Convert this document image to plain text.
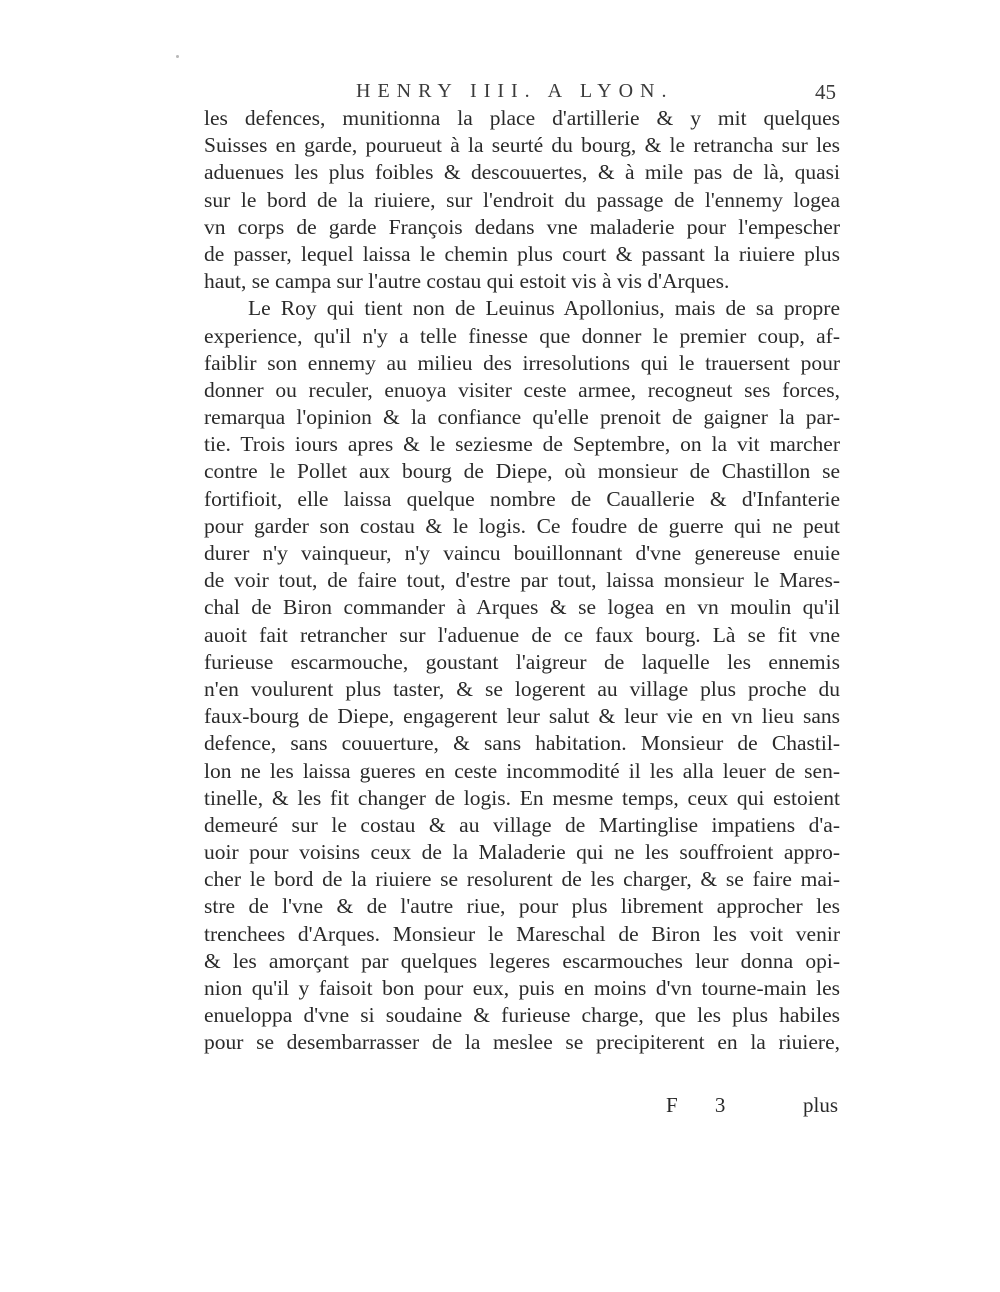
HENRY IIII. A LYON.	45
les defences, munitionna la place d'artillerie & y mit quelques
Suisses en garde, pourueut à la seurté du bourg, & le retrancha sur les
aduenues les plus foibles & descouuertes, & à mile pas de là, quasi
sur le bord de la riuiere, sur l'endroit du passage de l'ennemy logea
vn corps de garde François dedans vne maladerie pour l'empescher
de passer, lequel laissa le chemin plus court & passant la riuiere plus
haut, se campa sur l'autre costau qui estoit vis à vis d'Arques.
Le Roy qui tient non de Leuinus Apollonius, mais de sa propre
experience, qu'il n'y a telle finesse que donner le premier coup, af-
faiblir son ennemy au milieu des irresolutions qui le trauersent pour
donner ou reculer, enuoya visiter ceste armee, recogneut ses forces,
remarqua l'opinion & la confiance qu'elle prenoit de gaigner la par-
tie. Trois iours apres & le seziesme de Septembre, on la vit marcher
contre le Pollet aux bourg de Diepe, où monsieur de Chastillon se
fortifioit, elle laissa quelque nombre de Cauallerie & d'Infanterie
pour garder son costau & le logis. Ce foudre de guerre qui ne peut
durer n'y vainqueur, n'y vaincu bouillonnant d'vne genereuse enuie
de voir tout, de faire tout, d'estre par tout, laissa monsieur le Mares-
chal de Biron commander à Arques & se logea en vn moulin qu'il
auoit fait retrancher sur l'aduenue de ce faux bourg. Là se fit vne
furieuse escarmouche, goustant l'aigreur de laquelle les ennemis
n'en voulurent plus taster, & se logerent au village plus proche du
faux-bourg de Diepe, engagerent leur salut & leur vie en vn lieu sans
defence, sans couuerture, & sans habitation. Monsieur de Chastil-
lon ne les laissa gueres en ceste incommodité il les alla leuer de sen-
tinelle, & les fit changer de logis. En mesme temps, ceux qui estoient
demeuré sur le costau & au village de Martinglise impatiens d'a-
uoir pour voisins ceux de la Maladerie qui ne les souffroient appro-
cher le bord de la riuiere se resolurent de les charger, & se faire mai-
stre de l'vne & de l'autre riue, pour plus librement approcher les
trenchees d'Arques. Monsieur le Mareschal de Biron les voit venir
& les amorçant par quelques legeres escarmouches leur donna opi-
nion qu'il y faisoit bon pour eux, puis en moins d'vn tourne-main les
enueloppa d'vne si soudaine & furieuse charge, que les plus habiles
pour se desembarrasser de la meslee se precipiterent en la riuiere,
F 3	plus
